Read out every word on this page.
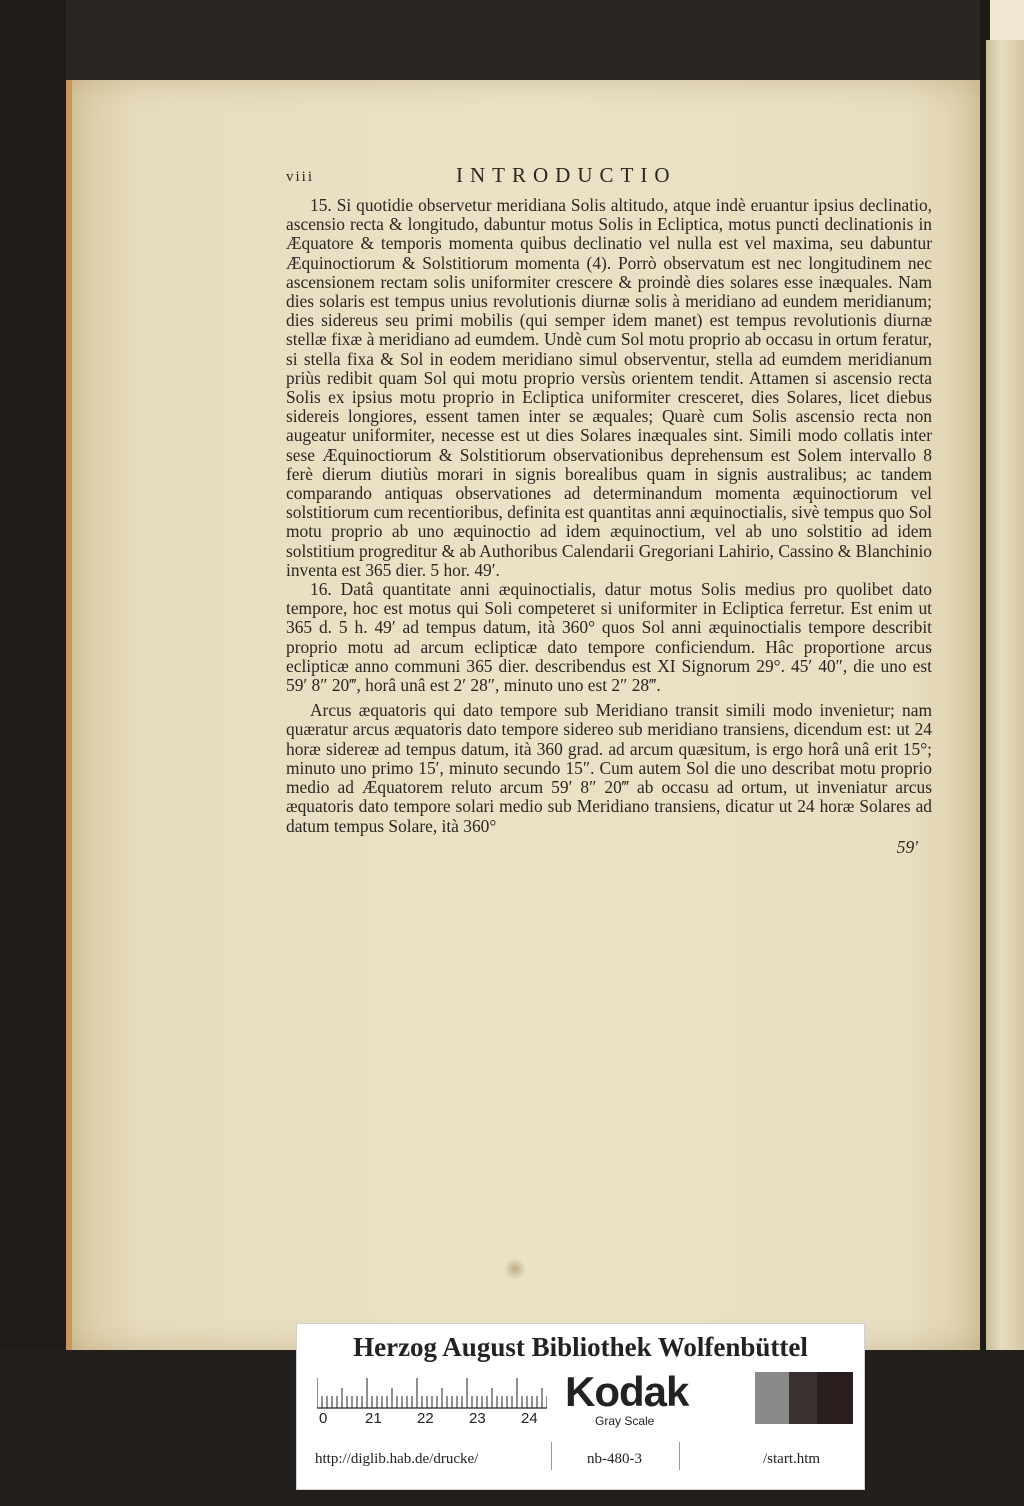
viii	INTRODUCTIO

15. Si quotidie observetur meridiana Solis altitudo, atque indè eruantur ipsius declinatio, ascensio recta & longitudo, dabuntur motus Solis in Ecliptica, motus puncti declinationis in Æquatore & temporis momenta quibus declinatio vel nulla est vel maxima, seu dabuntur Æquinoctiorum & Solstitiorum momenta (4). Porrò observatum est nec longitudinem nec ascensionem rectam solis uniformiter crescere & proindè dies solares esse inæquales. Nam dies solaris est tempus unius revolutionis diurnæ solis à meridiano ad eundem meridianum; dies sidereus seu primi mobilis (qui semper idem manet) est tempus revolutionis diurnæ stellæ fixæ à meridiano ad eumdem. Undè cum Sol motu proprio ab occasu in ortum feratur, si stella fixa & Sol in eodem meridiano simul observentur, stella ad eumdem meridianum priùs redibit quam Sol qui motu proprio versùs orientem tendit. Attamen si ascensio recta Solis ex ipsius motu proprio in Ecliptica uniformiter cresceret, dies Solares, licet diebus sidereis longiores, essent tamen inter se æquales; Quarè cum Solis ascensio recta non augeatur uniformiter, necesse est ut dies Solares inæquales sint. Simili modo collatis inter sese Æquinoctiorum & Solstitiorum observationibus deprehensum est Solem intervallo 8 ferè dierum diutiùs morari in signis borealibus quam in signis australibus; ac tandem comparando antiquas observationes ad determinandum momenta æquinoctiorum vel solstitiorum cum recentioribus, definita est quantitas anni æquinoctialis, sivè tempus quo Sol motu proprio ab uno æquinoctio ad idem æquinoctium, vel ab uno solstitio ad idem solstitium progreditur & ab Authoribus Calendarii Gregoriani Lahirio, Cassino & Blanchinio inventa est 365 dier. 5 hor. 49′.

16. Datâ quantitate anni æquinoctialis, datur motus Solis medius pro quolibet dato tempore, hoc est motus qui Soli competeret si uniformiter in Ecliptica ferretur. Est enim ut 365 d. 5 h. 49′ ad tempus datum, ità 360° quos Sol anni æquinoctialis tempore describit proprio motu ad arcum eclipticæ dato tempore conficiendum. Hâc proportione arcus eclipticæ anno communi 365 dier. describendus est XI Signorum 29°. 45′ 40″, die uno est 59′ 8″ 20‴, horâ unâ est 2′ 28″, minuto uno est 2″ 28‴.

Arcus æquatoris qui dato tempore sub Meridiano transit simili modo invenietur; nam quæratur arcus æquatoris dato tempore sidereo sub meridiano transiens, dicendum est: ut 24 horæ sidereæ ad tempus datum, ità 360 grad. ad arcum quæsitum, is ergo horâ unâ erit 15°; minuto uno primo 15′, minuto secundo 15″. Cum autem Sol die uno describat motu proprio medio ad Æquatorem reluto arcum 59′ 8″ 20‴ ab occasu ad ortum, ut inveniatur arcus æquatoris dato tempore solari medio sub Meridiano transiens, dicatur ut 24 horæ Solares ad datum tempus Solare, ità 360°

59′
Herzog August Bibliothek Wolfenbüttel
0	21 22 23 24
Kodak
Gray Scale
http://diglib.hab.de/drucke/	nb-480-3	/start.htm
